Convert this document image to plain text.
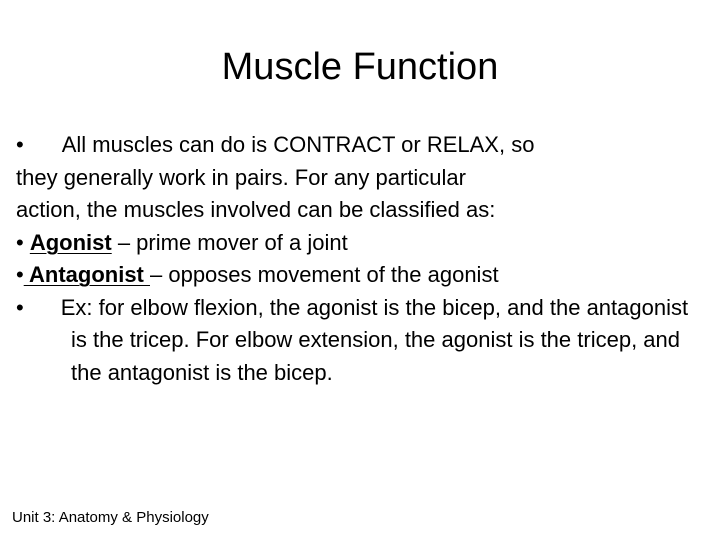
Muscle Function
• All muscles can do is CONTRACT or RELAX, so
they generally work in pairs. For any particular
action, the muscles involved can be classified as:
• Agonist – prime mover of a joint
• Antagonist – opposes movement of the agonist
• Ex: for elbow flexion, the agonist is the bicep, and the antagonist is the tricep. For elbow extension, the agonist is the tricep, and the antagonist is the bicep.
Unit 3: Anatomy & Physiology
